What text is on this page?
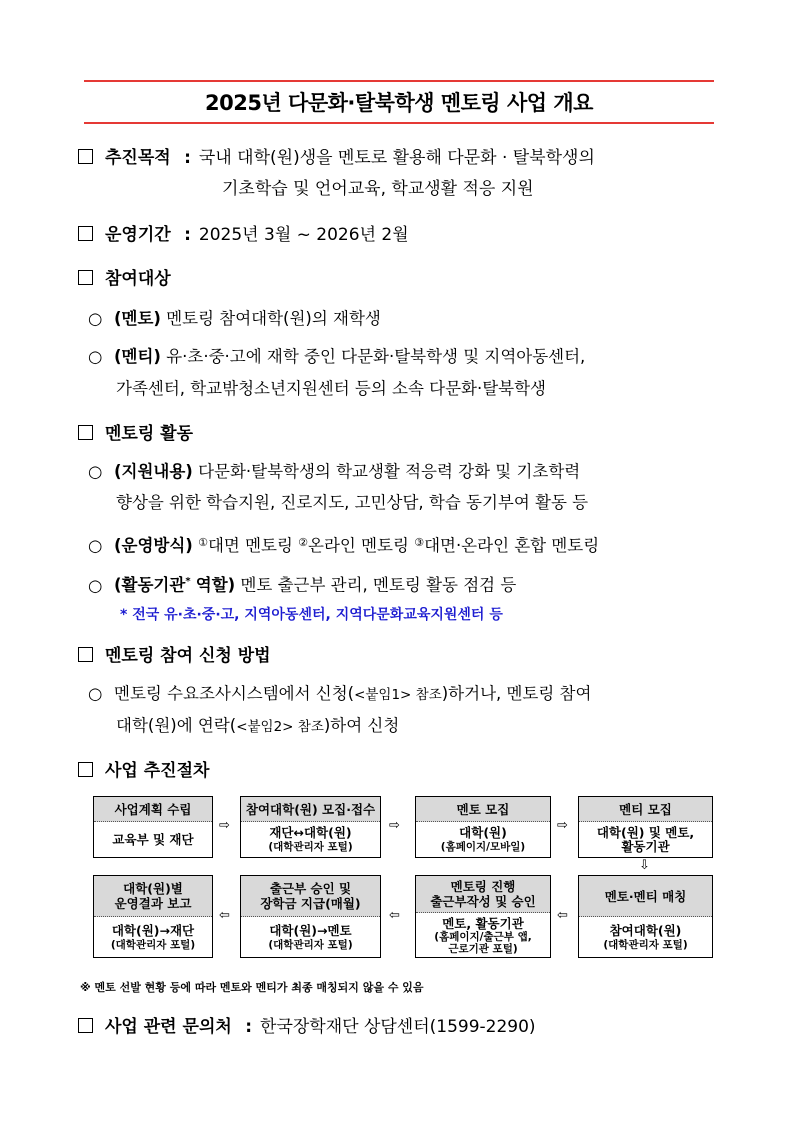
2025년 다문화·탈북학생 멘토링 사업 개요
추진목적 : 국내 대학(원)생을 멘토로 활용해 다문화 · 탈북학생의
기초학습 및 언어교육, 학교생활 적응 지원
운영기간 : 2025년 3월 ~ 2026년 2월
참여대상
○ (멘토) 멘토링 참여대학(원)의 재학생
○ (멘티) 유·초·중·고에 재학 중인 다문화·탈북학생 및 지역아동센터,
가족센터, 학교밖청소년지원센터 등의 소속 다문화·탈북학생
멘토링 활동
○ (지원내용) 다문화·탈북학생의 학교생활 적응력 강화 및 기초학력
향상을 위한 학습지원, 진로지도, 고민상담, 학습 동기부여 활동 등
○ (운영방식) ①대면 멘토링 ②온라인 멘토링 ③대면·온라인 혼합 멘토링
○ (활동기관* 역할) 멘토 출근부 관리, 멘토링 활동 점검 등
* 전국 유·초·중·고, 지역아동센터, 지역다문화교육지원센터 등
멘토링 참여 신청 방법
○ 멘토링 수요조사시스템에서 신청(<붙임1> 참조)하거나, 멘토링 참여
대학(원)에 연락(<붙임2> 참조)하여 신청
사업 추진절차
사업계획 수립
교육부 및 재단
⇨
참여대학(원) 모집·접수
재단↔대학(원)
(대학관리자 포털)
⇨
멘토 모집
대학(원)
(홈페이지/모바일)
⇨
멘티 모집
대학(원) 및 멘토,
활동기관
⇩
대학(원)별
운영결과 보고
대학(원)→재단
(대학관리자 포털)
⇦
출근부 승인 및
장학금 지급(매월)
대학(원)→멘토
(대학관리자 포털)
⇦
멘토링 진행
출근부작성 및 승인
멘토, 활동기관
(홈페이지/출근부 앱,
근로기관 포털)
⇦
멘토·멘티 매칭
참여대학(원)
(대학관리자 포털)
※ 멘토 선발 현황 등에 따라 멘토와 멘티가 최종 매칭되지 않을 수 있음
사업 관련 문의처 : 한국장학재단 상담센터(1599-2290)
